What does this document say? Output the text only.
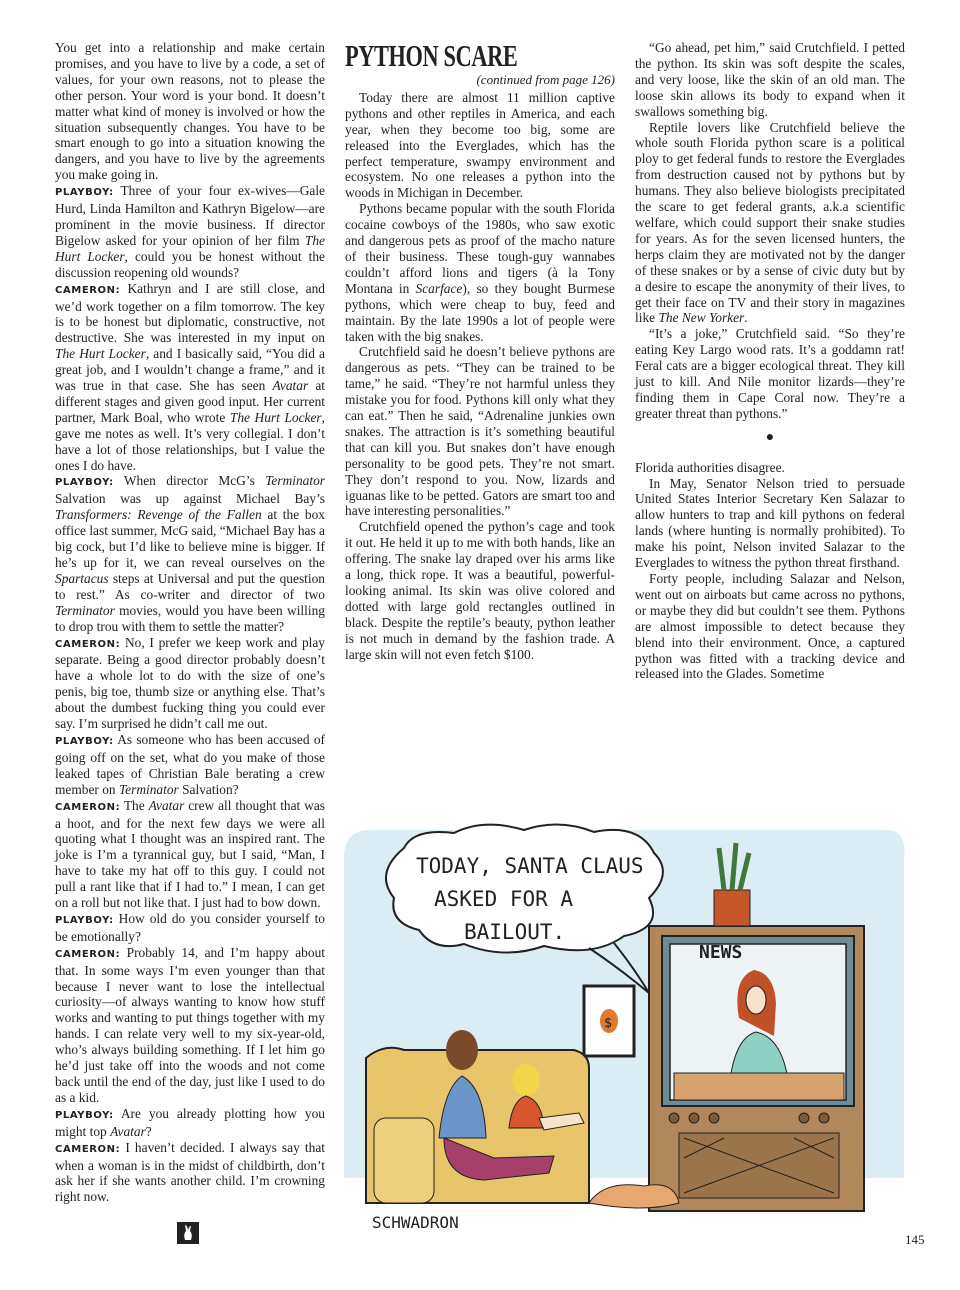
You get into a relationship and make certain promises, and you have to live by a code, a set of values, for your own reasons, not to please the other person. Your word is your bond. It doesn’t matter what kind of money is involved or how the situation subsequently changes. You have to be smart enough to go into a situation knowing the dangers, and you have to live by the agreements you make going in.

PLAYBOY: Three of your four ex-wives—Gale Hurd, Linda Hamilton and Kathryn Bigelow—are prominent in the movie business. If director Bigelow asked for your opinion of her film The Hurt Locker, could you be honest without the discussion reopening old wounds?

CAMERON: Kathryn and I are still close, and we’d work together on a film tomorrow. The key is to be honest but diplomatic, constructive, not destructive. She was interested in my input on The Hurt Locker, and I basically said, “You did a great job, and I wouldn’t change a frame,” and it was true in that case. She has seen Avatar at different stages and given good input. Her current partner, Mark Boal, who wrote The Hurt Locker, gave me notes as well. It’s very collegial. I don’t have a lot of those relationships, but I value the ones I do have.

PLAYBOY: When director McG’s Terminator Salvation was up against Michael Bay’s Transformers: Revenge of the Fallen at the box office last summer, McG said, “Michael Bay has a big cock, but I’d like to believe mine is bigger. If he’s up for it, we can reveal ourselves on the Spartacus steps at Universal and put the question to rest.” As co-writer and director of two Terminator movies, would you have been willing to drop trou with them to settle the matter?

CAMERON: No, I prefer we keep work and play separate. Being a good director probably doesn’t have a whole lot to do with the size of one’s penis, big toe, thumb size or anything else. That’s about the dumbest fucking thing you could ever say. I’m surprised he didn’t call me out.

PLAYBOY: As someone who has been accused of going off on the set, what do you make of those leaked tapes of Christian Bale berating a crew member on Terminator Salvation?

CAMERON: The Avatar crew all thought that was a hoot, and for the next few days we were all quoting what I thought was an inspired rant. The joke is I’m a tyrannical guy, but I said, “Man, I have to take my hat off to this guy. I could not pull a rant like that if I had to.” I mean, I can get on a roll but not like that. I just had to bow down.

PLAYBOY: How old do you consider yourself to be emotionally?

CAMERON: Probably 14, and I’m happy about that. In some ways I’m even younger than that because I never want to lose the intellectual curiosity—of always wanting to know how stuff works and wanting to put things together with my hands. I can relate very well to my six-year-old, who’s always building something. If I let him go he’d just take off into the woods and not come back until the end of the day, just like I used to do as a kid.

PLAYBOY: Are you already plotting how you might top Avatar?

CAMERON: I haven’t decided. I always say that when a woman is in the midst of childbirth, don’t ask her if she wants another child. I’m crowning right now.

PYTHON SCARE
(continued from page 126)

Today there are almost 11 million captive pythons and other reptiles in America, and each year, when they become too big, some are released into the Everglades, which has the perfect temperature, swampy environment and ecosystem. No one releases a python into the woods in Michigan in December.

Pythons became popular with the south Florida cocaine cowboys of the 1980s, who saw exotic and dangerous pets as proof of the macho nature of their business. These tough-guy wannabes couldn’t afford lions and tigers (à la Tony Montana in Scarface), so they bought Burmese pythons, which were cheap to buy, feed and maintain. By the late 1990s a lot of people were taken with the big snakes.

Crutchfield said he doesn’t believe pythons are dangerous as pets. “They can be trained to be tame,” he said. “They’re not harmful unless they mistake you for food. Pythons kill only what they can eat.” Then he said, “Adrenaline junkies own snakes. The attraction is it’s something beautiful that can kill you. But snakes don’t have enough personality to be good pets. They’re not smart. They don’t respond to you. Now, lizards and iguanas like to be petted. Gators are smart too and have interesting personalities.”

Crutchfield opened the python’s cage and took it out. He held it up to me with both hands, like an offering. The snake lay draped over his arms like a long, thick rope. It was a beautiful, powerful-looking animal. Its skin was olive colored and dotted with large gold rectangles outlined in black. Despite the reptile’s beauty, python leather is not much in demand by the fashion trade. A large skin will not even fetch $100.

“Go ahead, pet him,” said Crutchfield. I petted the python. Its skin was soft despite the scales, and very loose, like the skin of an old man. The loose skin allows its body to expand when it swallows something big.

Reptile lovers like Crutchfield believe the whole south Florida python scare is a political ploy to get federal funds to restore the Everglades from destruction caused not by pythons but by humans. They also believe biologists precipitated the scare to get federal grants, a.k.a scientific welfare, which could support their snake studies for years. As for the seven licensed hunters, the herps claim they are motivated not by the danger of these snakes or by a sense of civic duty but by a desire to escape the anonymity of their lives, to get their face on TV and their story in magazines like The New Yorker.

“It’s a joke,” Crutchfield said. “So they’re eating Key Largo wood rats. It’s a goddamn rat! Feral cats are a bigger ecological threat. They kill just to kill. And Nile monitor lizards—they’re finding them in Cape Coral now. They’re a greater threat than pythons.”

●

Florida authorities disagree.

In May, Senator Nelson tried to persuade United States Interior Secretary Ken Salazar to allow hunters to trap and kill pythons on federal lands (where hunting is normally prohibited). To make his point, Nelson invited Salazar to the Everglades to witness the python threat firsthand.

Forty people, including Salazar and Nelson, went out on airboats but came across no pythons, or maybe they did but couldn’t see them. Pythons are almost impossible to detect because they blend into their environment. Once, a captured python was fitted with a tracking device and released into the Glades. Sometime

TODAY, SANTA CLAUS
ASKED FOR A
BAILOUT.
$
NEWS
SCHWADRON
145
